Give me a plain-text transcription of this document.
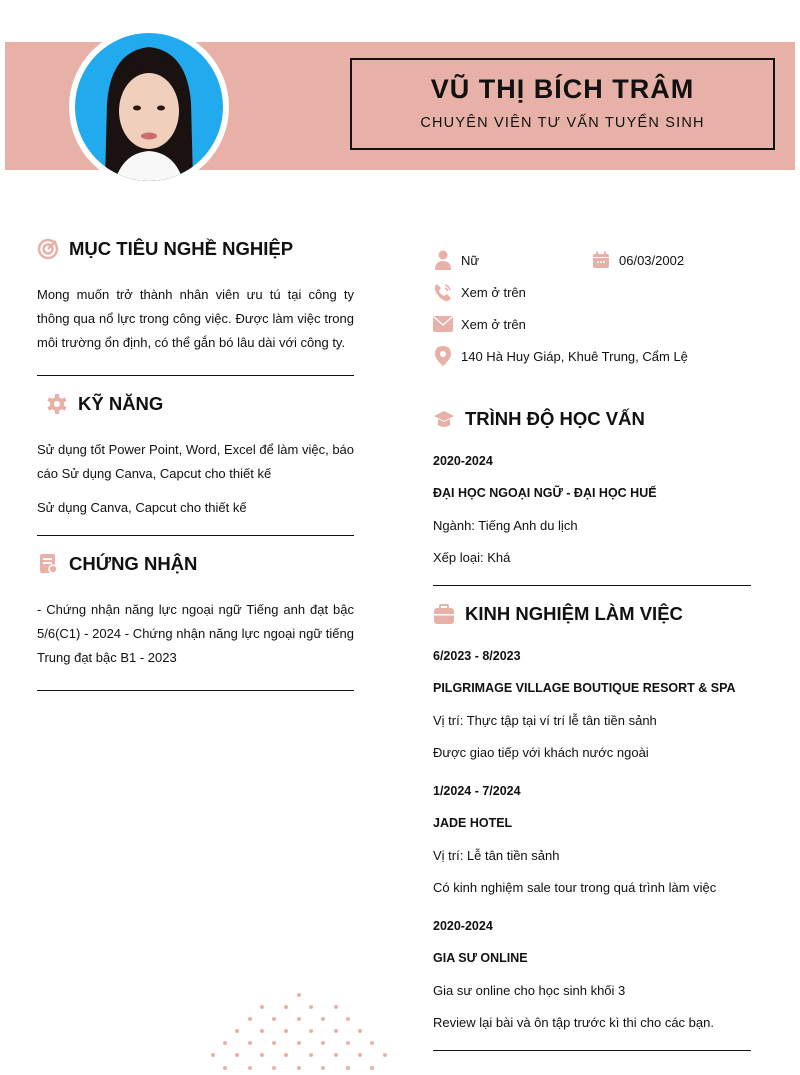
VŨ THỊ BÍCH TRÂM
CHUYÊN VIÊN TƯ VẤN TUYỂN SINH
MỤC TIÊU NGHỀ NGHIỆP
Mong muốn trở thành nhân viên ưu tú tại công ty thông qua nổ lực trong công việc. Được làm việc trong môi trường ổn định, có thể gắn bó lâu dài với công ty.
KỸ NĂNG
Sử dụng tốt Power Point, Word, Excel để làm việc, báo cáo Sử dụng Canva, Capcut cho thiết kế
Sử dụng Canva, Capcut cho thiết kế
CHỨNG NHẬN
- Chứng nhận năng lực ngoại ngữ Tiếng anh đạt bậc 5/6(C1) - 2024 - Chứng nhận năng lực ngoại ngữ tiếng Trung đạt bậc B1 - 2023
Nữ	06/03/2002
Xem ở trên
Xem ở trên
140 Hà Huy Giáp, Khuê Trung, Cẩm Lệ
TRÌNH ĐỘ HỌC VẤN
2020-2024
ĐẠI HỌC NGOẠI NGỮ - ĐẠI HỌC HUẾ
Ngành: Tiếng Anh du lịch
Xếp loại: Khá
KINH NGHIỆM LÀM VIỆC
6/2023 - 8/2023
PILGRIMAGE VILLAGE BOUTIQUE RESORT & SPA
Vị trí: Thực tập tại ví trí lễ tân tiền sảnh
Được giao tiếp với khách nước ngoài
1/2024 - 7/2024
JADE HOTEL
Vị trí: Lễ tân tiền sảnh
Có kinh nghiệm sale tour trong quá trình làm việc
2020-2024
GIA SƯ ONLINE
Gia sư online cho học sinh khối 3
Review lại bài và ôn tập trước kì thi cho các bạn.
